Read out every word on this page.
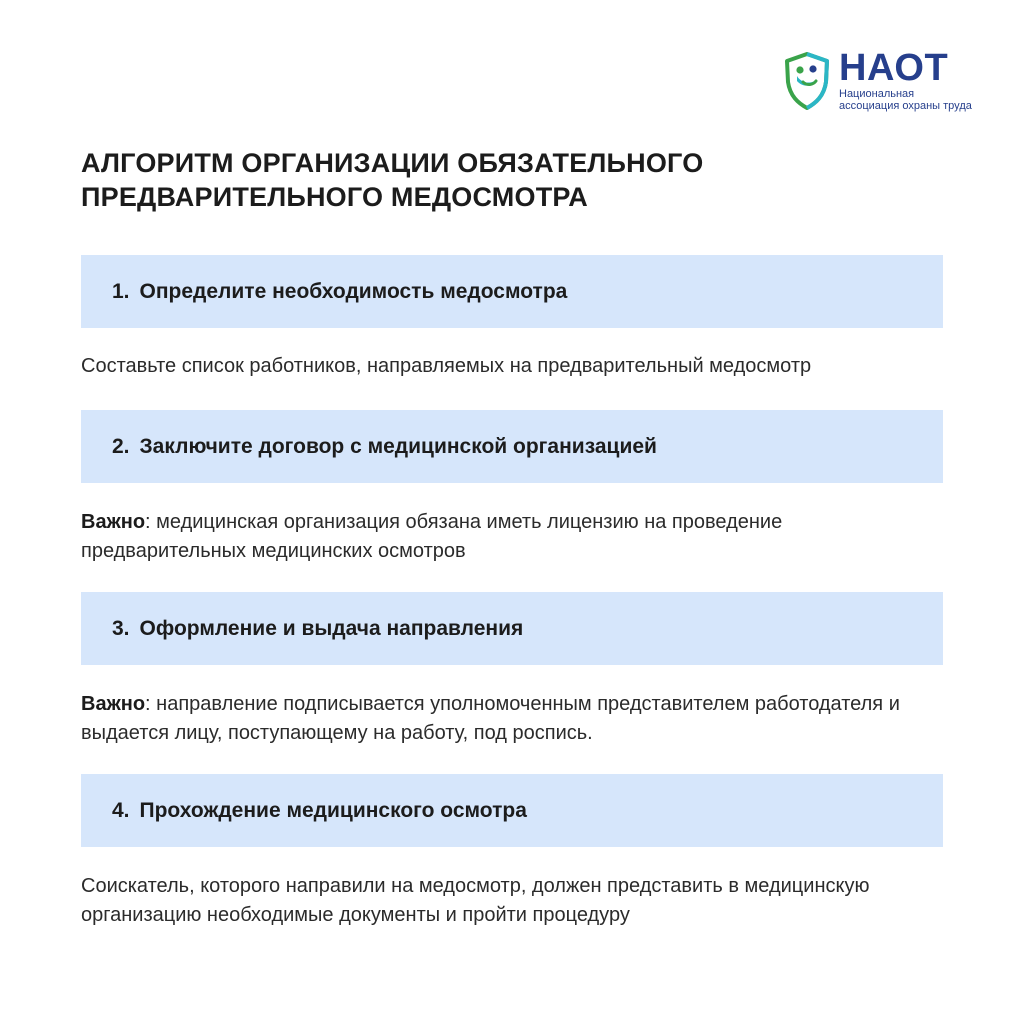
НАОТ
Национальная ассоциация охраны труда
АЛГОРИТМ ОРГАНИЗАЦИИ ОБЯЗАТЕЛЬНОГО ПРЕДВАРИТЕЛЬНОГО МЕДОСМОТРА
1. Определите необходимость медосмотра

Составьте список работников, направляемых на предварительный медосмотр

2. Заключите договор с медицинской организацией

Важно: медицинская организация обязана иметь лицензию на проведение предварительных медицинских осмотров

3. Оформление и выдача направления

Важно: направление подписывается уполномоченным представителем работодателя и выдается лицу, поступающему на работу, под роспись.

4. Прохождение медицинского осмотра

Соискатель, которого направили на медосмотр, должен представить в медицинскую организацию необходимые документы и пройти процедуру
